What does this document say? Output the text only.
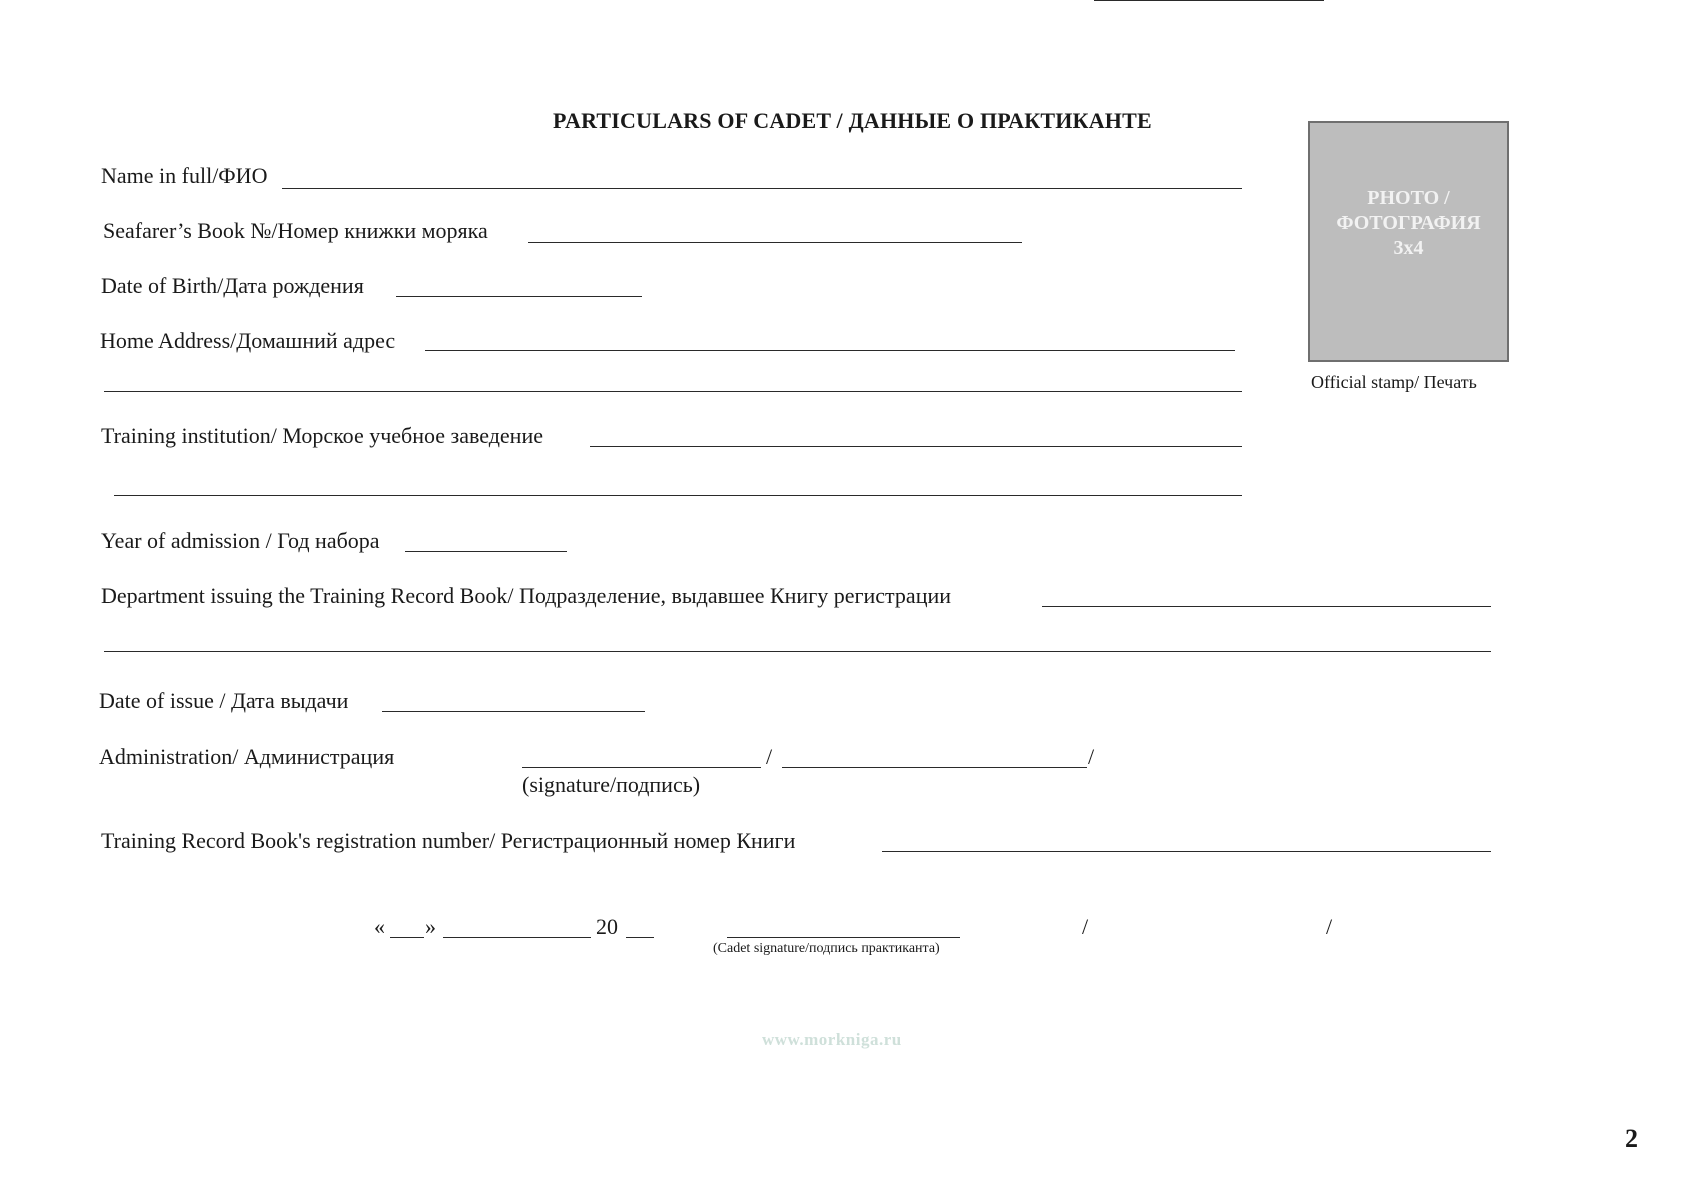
PARTICULARS OF CADET / ДАННЫЕ О ПРАКТИКАНТЕ
PHOTO /
ФОТОГРАФИЯ
3x4
Official stamp/ Печать
Name in full/ФИО
Seafarer’s Book №/Номер книжки моряка
Date of Birth/Дата рождения
Home Address/Домашний адрес
Training institution/ Морское учебное заведение
Year of admission / Год набора
Department issuing the Training Record Book/ Подразделение, выдавшее Книгу регистрации
Date of issue / Дата выдачи
Administration/ Администрация	/	/
(signature/подпись)
Training Record Book's registration number/ Регистрационный номер Книги
« »	20
(Cadet signature/подпись практиканта)
/	/
www.morkniga.ru
2
